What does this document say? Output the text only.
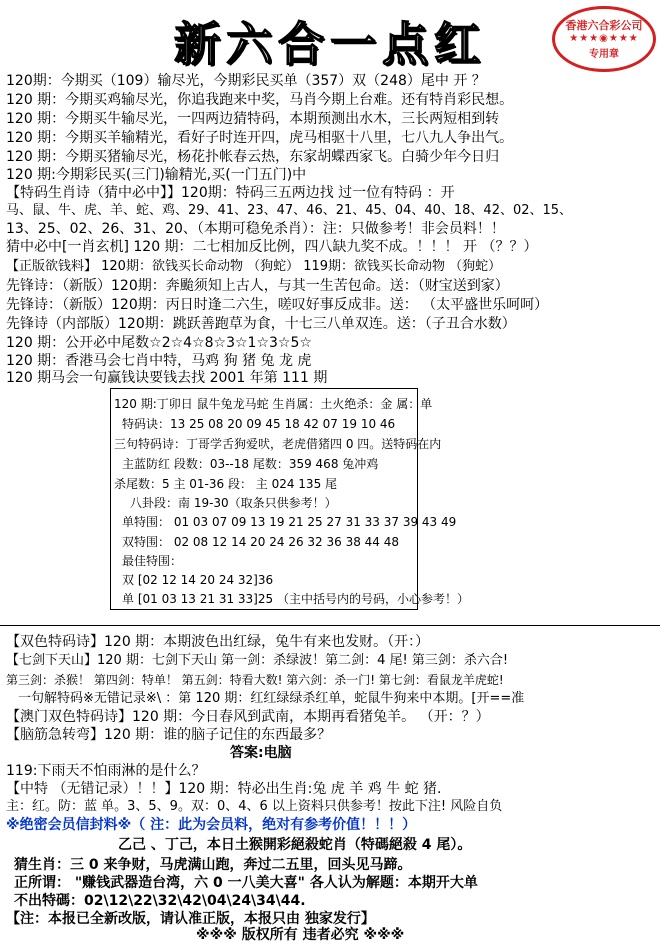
新六合一点红	香港六合彩公司
★★★◉★★★
专用章
120期：今期买（109）输尽光，今期彩民买单（357）双（248）尾中 开 ？
120 期：今期买鸡输尽光，你追我跑来中奖，马肖今期上台难。还有特肖彩民想。
120 期：今期买牛输尽光，一四两边猜特码，本期预测出水木，三长两短相到转
120 期：今期买羊输精光，看好子时连开四，虎马相驱十八里，七八九人争出气。
120 期：今期买猪输尽光，杨花扑帐春云热，东家胡蝶西家飞。白骑少年今日归
120 期:今期彩民买(三门)输精光,买(一门五门)中
【特码生肖诗（猜中必中】】120期：特码三五两边找 过一位有特码 ：开
马、鼠、牛、虎、羊、蛇、鸡、29、41、23、47、46、21、45、04、40、18、42、02、15、
13、25、02、26、31、20、（本期可稳免杀肖）：注：只做参考！非会员料！！
猜中必中[一肖玄机] 120 期：二七相加反比例，四八缺九奖不成。！！！ 开 （？？）
【正版欲钱料】 120期：欲钱买长命动物 （狗蛇） 119期：欲钱买长命动物 （狗蛇）
先锋诗：（新版）120期：奔颱须知上古人，与其一生苦包命。送：（财宝送到家）
先锋诗：（新版）120期：丙日时逢二六生，嗟叹好事反成非。送： （太平盛世乐呵呵）
先锋诗（内部版）120期：跳跃善跑草为食，十七三八单双连。送：（子丑合水数）
120 期：公开必中尾数☆2☆4☆8☆3☆1☆3☆5☆
120 期：香港马会七肖中特，马鸡 狗 猪 兔 龙 虎
120 期马会一句赢钱诀要钱去找 2001 年第 111 期
120 期:丁卯日 鼠牛兔龙马蛇 生肖属：土火绝杀：金 属：单
特码诀：13 25 08 20 09 45 18 42 07 19 10 46
三句特码诗：丁哥学舌狗爱吠，老虎借猪四 0 四。送特码在内
主蓝防红 段数：03--18 尾数：359 468 兔冲鸡
杀尾数：5 主 01-36 段： 主 024 135 尾
八卦段：南 19-30（取条只供参考！）
单特围： 01 03 07 09 13 19 21 25 27 31 33 37 39 43 49
双特围： 02 08 12 14 20 24 26 32 36 38 44 48
最佳特围：
双 [02 12 14 20 24 32]36
单 [01 03 13 21 31 33]25 （主中括号内的号码，小心参考！）
【双色特码诗】120 期：本期波色出红绿，兔牛有来也发财。（开：）
【七剑下天山】120 期：七剑下天山 第一剑：杀绿波！第二剑：4 尾! 第三剑：杀六合!
第三剑：杀猴！ 第四剑：特单！ 第五剑：特看大数! 第六剑：杀一门! 第七剑：看鼠龙羊虎蛇!
一句解特码※无错记录※\ ：第 120 期：红红绿绿杀红单，蛇鼠牛狗来中本期。[开==准
【澳门双色特码诗】120 期：今日春风到武南，本期再看猪兔羊。 （开：？）
【脑筋急转弯】120 期：谁的脑子记住的东西最多？
答案:电脑
119:下雨天不怕雨淋的是什么？
【中特 （无错记录）！！】120 期：特必出生肖:兔 虎 羊 鸡 牛 蛇 猪.
主：红。防：蓝 单。3、5、9。双：0、4、6 以上资料只供参考！按此下注! 风险自负
※绝密会员信封料※（ 注：此为会员料，绝对有参考价值！！！）
乙己 、丁己，本日土猴開彩絕殺蛇肖（特碼絕殺 4 尾）。
猜生肖：三 0 来争财，马虎满山跑，奔过二五里，回头见马蹄。
正所谓： "赚钱武器造台湾，六 0 一八美大喜" 各人认为解题：本期开大单
不出特碼：02\12\22\32\42\04\24\34\44.
【注：本报已全新改版，请认准正版，本报只由 独家发行】
※※※ 版权所有 违者必究 ※※※
